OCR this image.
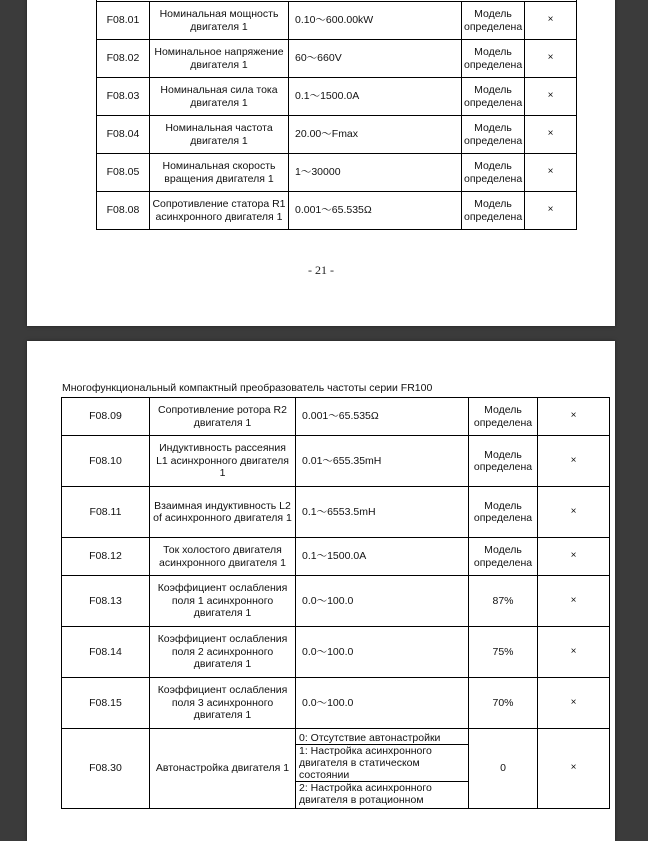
F08.01	Номинальная мощность двигателя 1	0.10～600.00kW	Модель определена	×
F08.02	Номинальное напряжение двигателя 1	60～660V	Модель определена	×
F08.03	Номинальная сила тока двигателя 1	0.1～1500.0A	Модель определена	×
F08.04	Номинальная частота двигателя 1	20.00～Fmax	Модель определена	×
F08.05	Номинальная скорость вращения двигателя 1	1～30000	Модель определена	×
F08.08	Сопротивление статора R1 асинхронного двигателя 1	0.001～65.535Ω	Модель определена	×
- 21 -
Многофункциональный компактный преобразователь частоты серии FR100
F08.09	Сопротивление ротора R2 двигателя 1	0.001～65.535Ω	Модель определена	×
F08.10	Индуктивность рассеяния L1 асинхронного двигателя 1	0.01～655.35mH	Модель определена	×
F08.11	Взаимная индуктивность L2 of асинхронного двигателя 1	0.1～6553.5mH	Модель определена	×
F08.12	Ток холостого двигателя асинхронного двигателя 1	0.1～1500.0A	Модель определена	×
F08.13	Коэффициент ослабления поля 1 асинхронного двигателя 1	0.0～100.0	87%	×
F08.14	Коэффициент ослабления поля 2 асинхронного двигателя 1	0.0～100.0	75%	×
F08.15	Коэффициент ослабления поля 3 асинхронного двигателя 1	0.0～100.0	70%	×
F08.30	Автонастройка двигателя 1	0: Отсутствие автонастройки
1: Настройка асинхронного двигателя в статическом состоянии
2: Настройка асинхронного двигателя в ротационном	0	×
